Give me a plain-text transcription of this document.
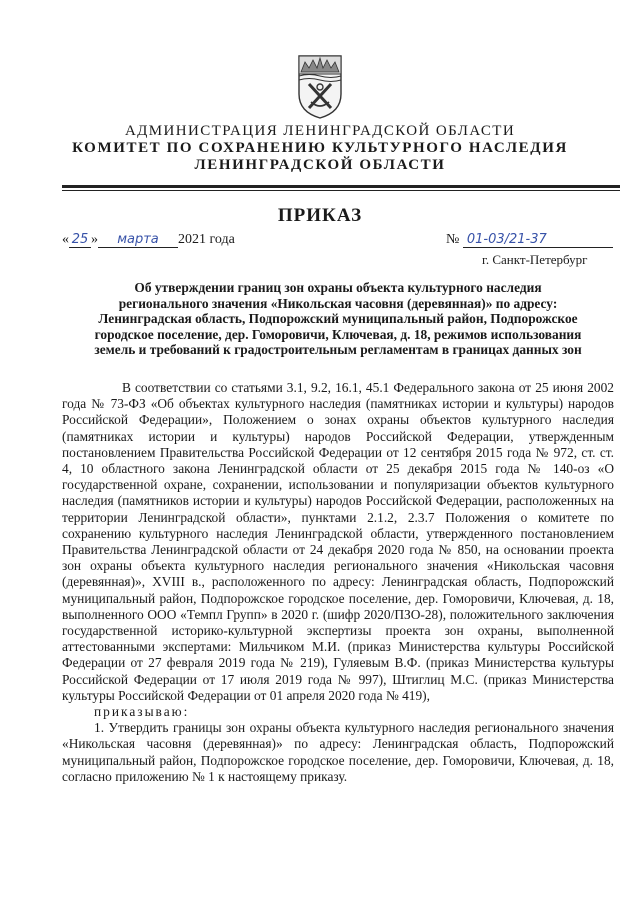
АДМИНИСТРАЦИЯ ЛЕНИНГРАДСКОЙ ОБЛАСТИ
КОМИТЕТ ПО СОХРАНЕНИЮ КУЛЬТУРНОГО НАСЛЕДИЯ
ЛЕНИНГРАДСКОЙ ОБЛАСТИ
ПРИКАЗ
« 25 » марта 2021 года	№ 01-03/21-37
г. Санкт-Петербург
Об утверждении границ зон охраны объекта культурного наследия
регионального значения «Никольская часовня (деревянная)» по адресу:
Ленинградская область, Подпорожский муниципальный район, Подпорожское
городское поселение, дер. Гоморовичи, Ключевая, д. 18, режимов использования
земель и требований к градостроительным регламентам в границах данных зон

В соответствии со статьями 3.1, 9.2, 16.1, 45.1 Федерального закона от 25 июня 2002 года № 73-ФЗ «Об объектах культурного наследия (памятниках истории и культуры) народов Российской Федерации», Положением о зонах охраны объектов культурного наследия (памятниках истории и культуры) народов Российской Федерации, утвержденным постановлением Правительства Российской Федерации от 12 сентября 2015 года № 972, ст. ст. 4, 10 областного закона Ленинградской области от 25 декабря 2015 года № 140-оз «О государственной охране, сохранении, использовании и популяризации объектов культурного наследия (памятников истории и культуры) народов Российской Федерации, расположенных на территории Ленинградской области», пунктами 2.1.2, 2.3.7 Положения о комитете по сохранению культурного наследия Ленинградской области, утвержденного постановлением Правительства Ленинградской области от 24 декабря 2020 года № 850, на основании проекта зон охраны объекта культурного наследия регионального значения «Никольская часовня (деревянная)», XVIII в., расположенного по адресу: Ленинградская область, Подпорожский муниципальный район, Подпорожское городское поселение, дер. Гоморовичи, Ключевая, д. 18, выполненного ООО «Темпл Групп» в 2020 г. (шифр 2020/ПЗО-28), положительного заключения государственной историко-культурной экспертизы проекта зон охраны, выполненной аттестованными экспертами: Мильчиком М.И. (приказ Министерства культуры Российской Федерации от 27 февраля 2019 года № 219), Гуляевым В.Ф. (приказ Министерства культуры Российской Федерации от 17 июля 2019 года № 997), Штиглиц М.С. (приказ Министерства культуры Российской Федерации от 01 апреля 2020 года № 419),

приказываю:

1. Утвердить границы зон охраны объекта культурного наследия регионального значения «Никольская часовня (деревянная)» по адресу: Ленинградская область, Подпорожский муниципальный район, Подпорожское городское поселение, дер. Гоморовичи, Ключевая, д. 18, согласно приложению № 1 к настоящему приказу.
